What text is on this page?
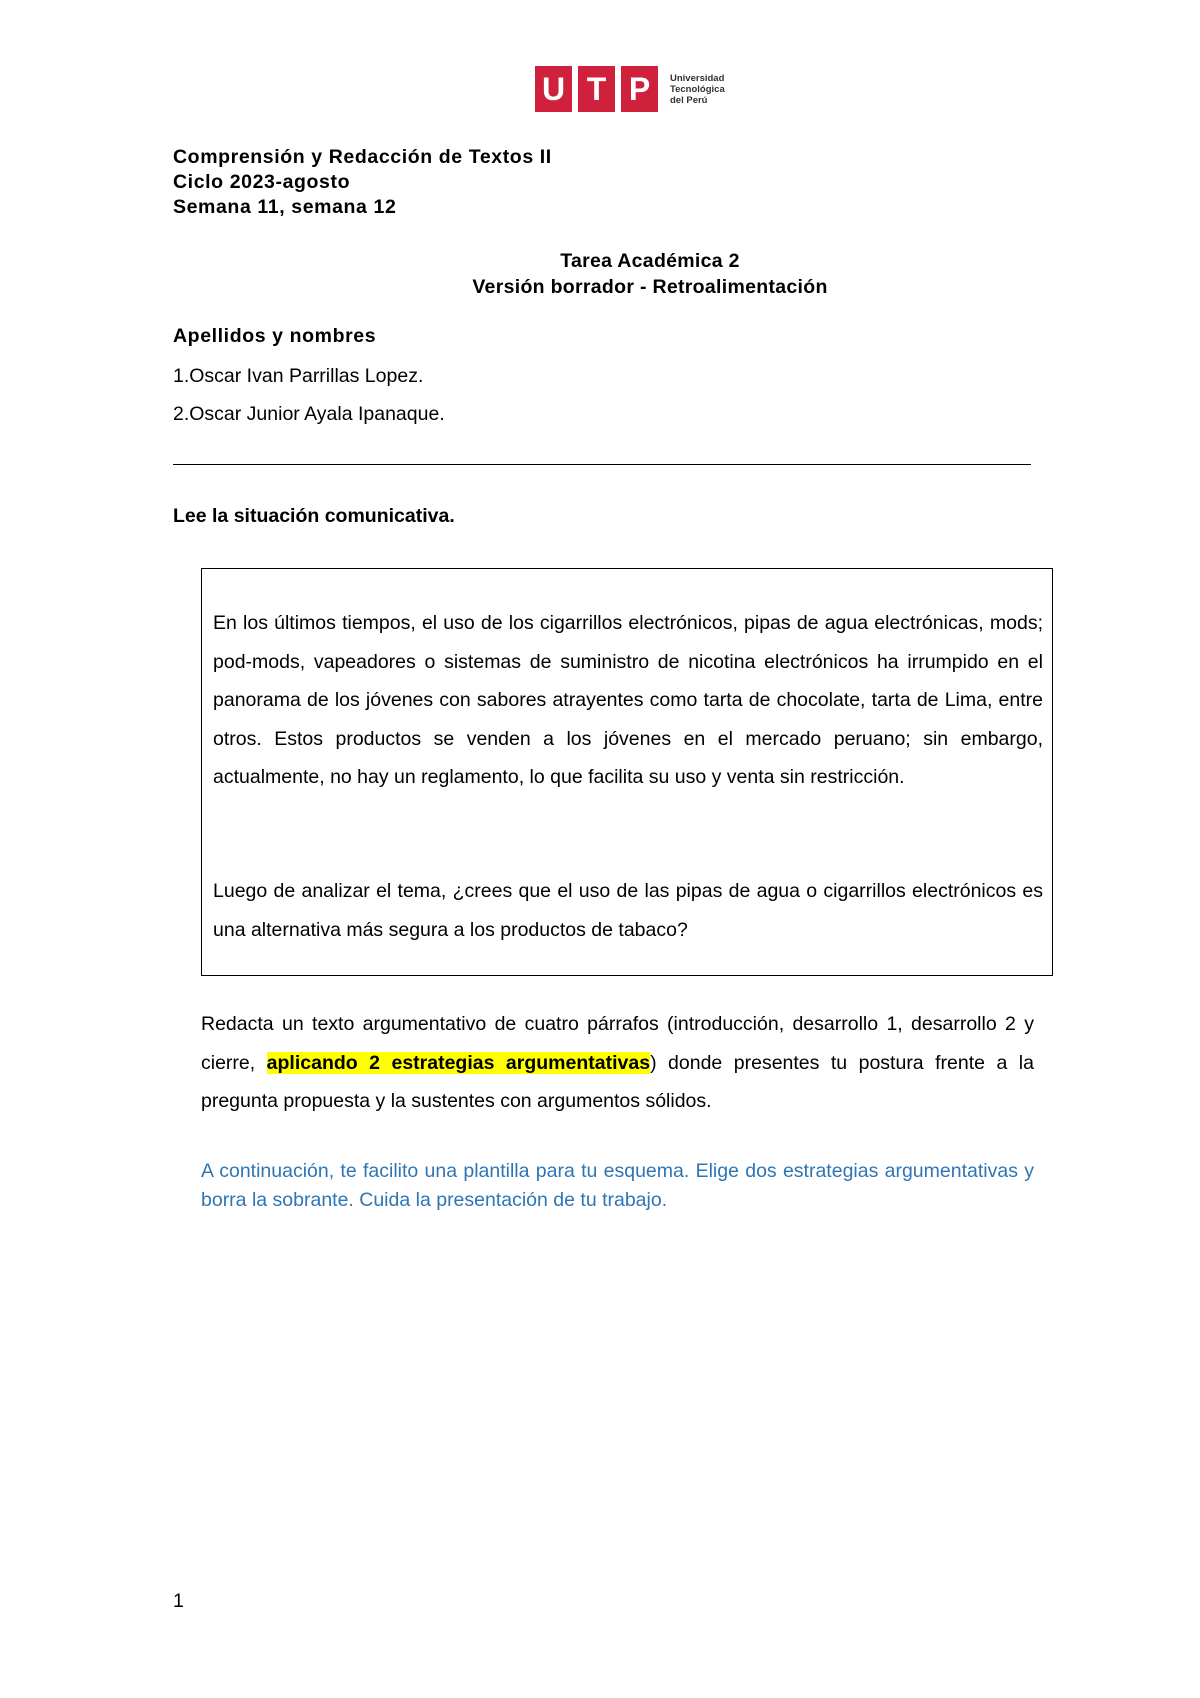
U T P	Universidad
Tecnológica
del Perú
Comprensión y Redacción de Textos II
Ciclo 2023-agosto
Semana 11, semana 12
Tarea Académica 2
Versión borrador - Retroalimentación
Apellidos y nombres
1.Oscar Ivan Parrillas Lopez.
2.Oscar Junior Ayala Ipanaque.
Lee la situación comunicativa.
En los últimos tiempos, el uso de los cigarrillos electrónicos, pipas de agua electrónicas, mods; pod-mods, vapeadores o sistemas de suministro de nicotina electrónicos ha irrumpido en el panorama de los jóvenes con sabores atrayentes como tarta de chocolate, tarta de Lima, entre otros. Estos productos se venden a los jóvenes en el mercado peruano; sin embargo, actualmente, no hay un reglamento, lo que facilita su uso y venta sin restricción.
Luego de analizar el tema, ¿crees que el uso de las pipas de agua o cigarrillos electrónicos es una alternativa más segura a los productos de tabaco?
Redacta un texto argumentativo de cuatro párrafos (introducción, desarrollo 1, desarrollo 2 y cierre, aplicando 2 estrategias argumentativas) donde presentes tu postura frente a la pregunta propuesta y la sustentes con argumentos sólidos.
A continuación, te facilito una plantilla para tu esquema. Elige dos estrategias argumentativas y borra la sobrante. Cuida la presentación de tu trabajo.
1
